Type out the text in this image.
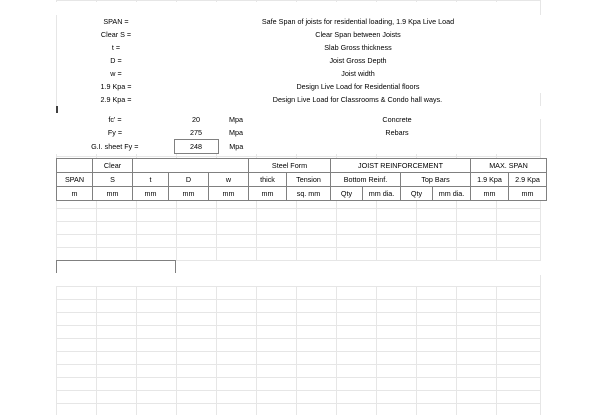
SPAN =	Safe Span of joists for residential loading, 1.9 Kpa Live Load
Clear S =	Clear Span between Joists
t =	Slab Gross thickness
D =	Joist Gross Depth
w =	Joist width
1.9 Kpa =	Design Live Load for Residential floors
2.9 Kpa =	Design Live Load for Classrooms & Condo hall ways.

fc' =	20	Mpa	Concrete
Fy =	275	Mpa	Rebars
G.I. sheet Fy =	248	Mpa	
	Clear				Steel Form		JOIST REINFORCEMENT				MAX. SPAN	
SPAN	S	t	D	w	thick	Tension	Bottom Reinf.		Top Bars		1.9 Kpa	2.9 Kpa
m	mm	mm	mm	mm	mm	sq. mm	Qty	mm dia.	Qty	mm dia.	mm	mm
